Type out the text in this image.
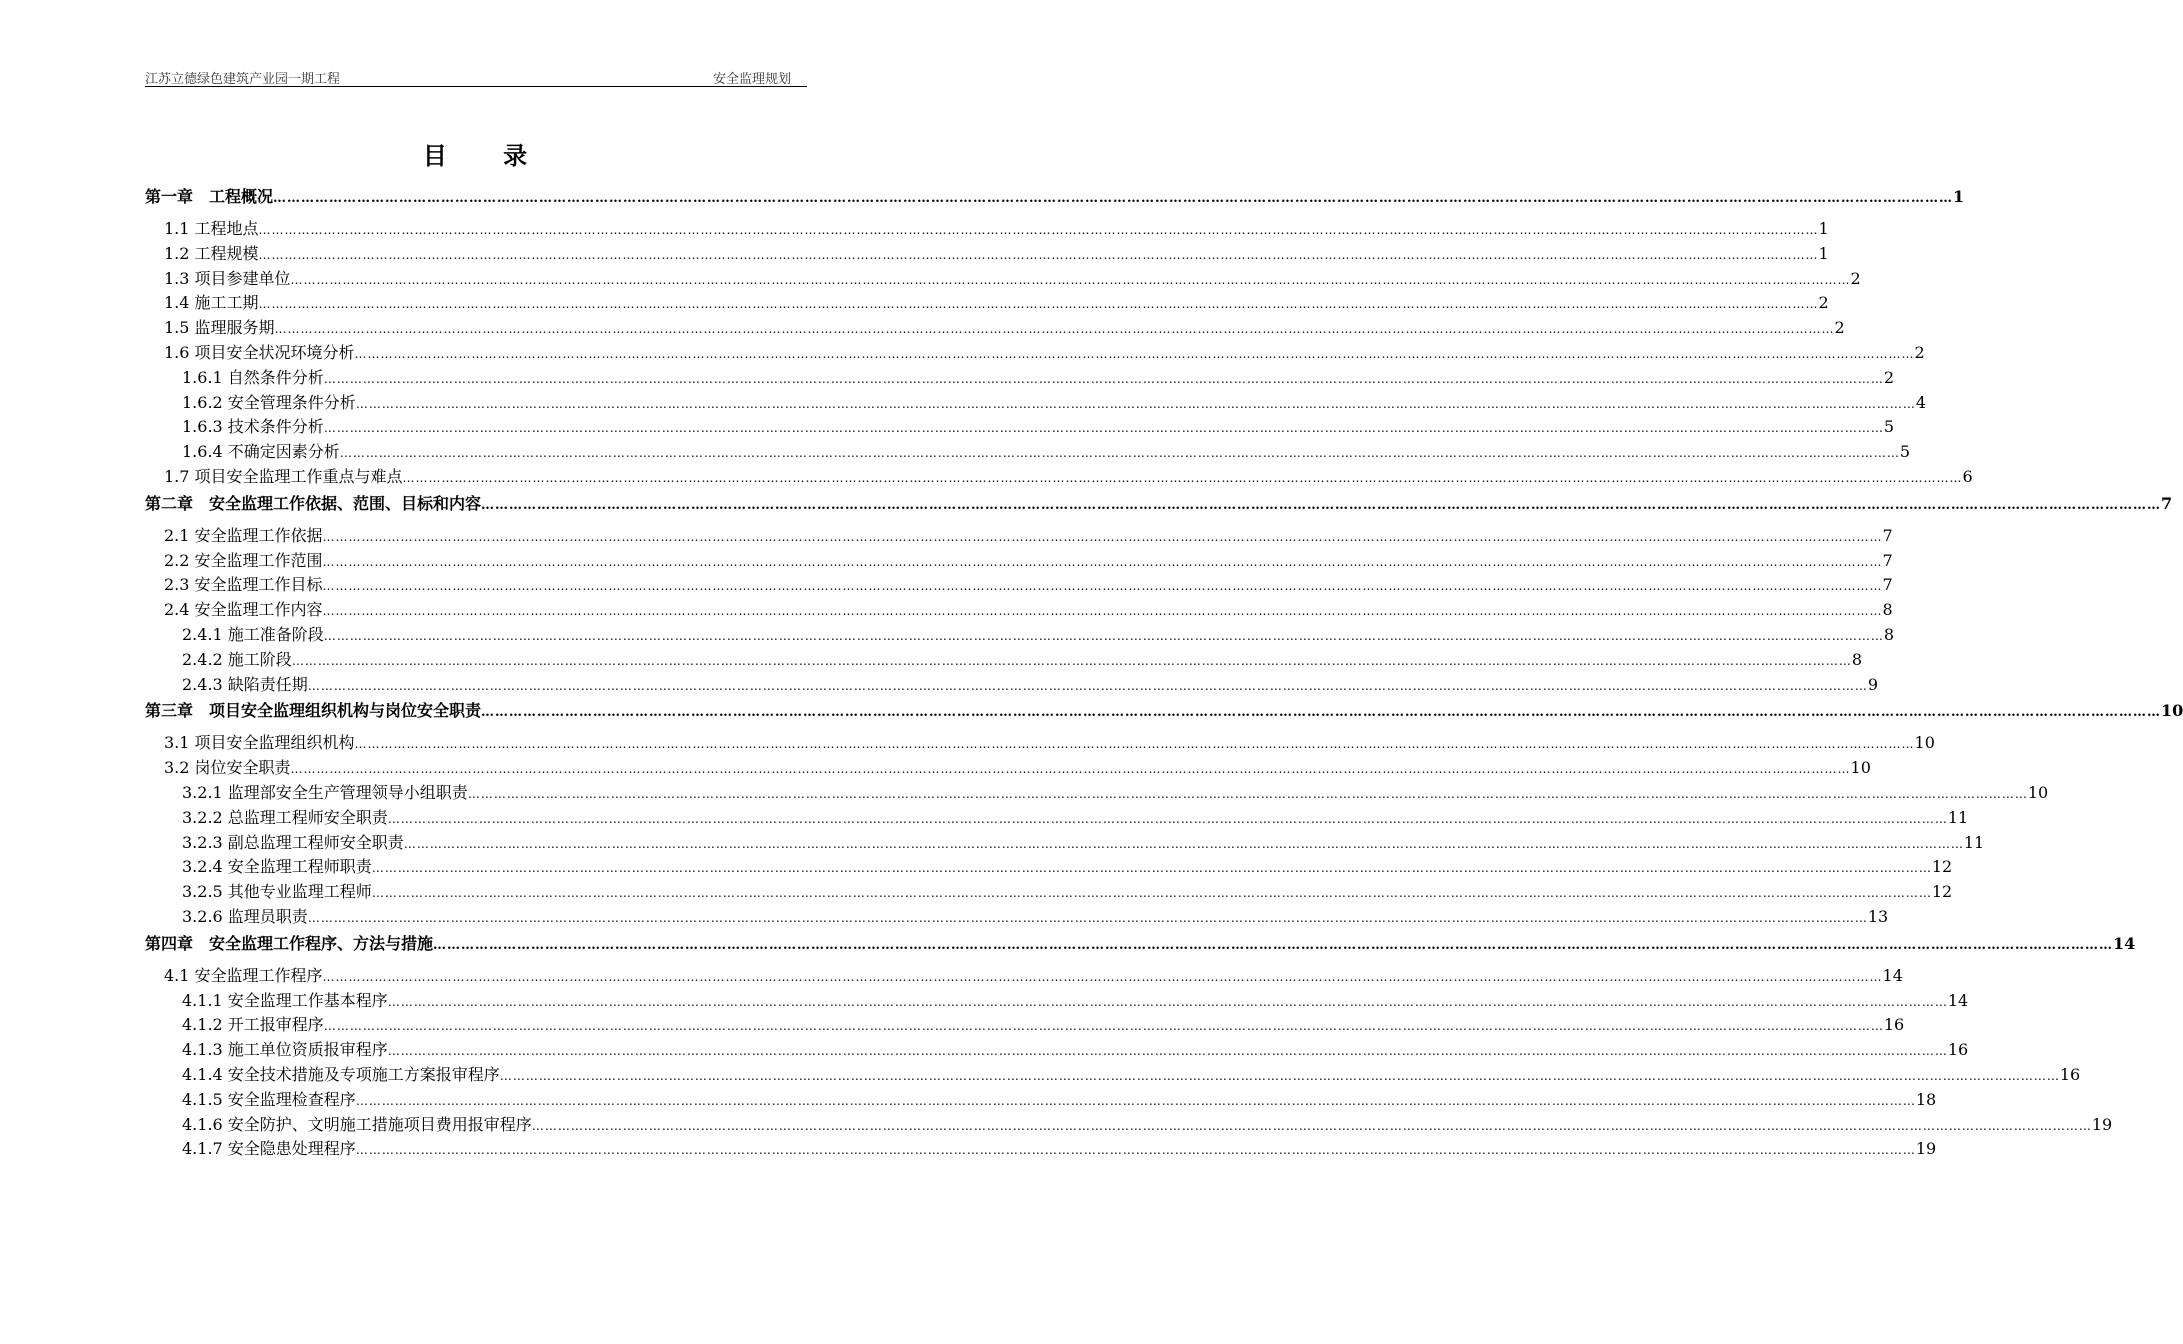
江苏立德绿色建筑产业园一期工程	安全监理规划
目 录
第一章　工程概况 ……………………………………………………………………………………………………………………………………………………………………………………………………………………………………………………………………………………………………………………………… 1
1.1 工程地点 ……………………………………………………………………………………………………………………………………………………………………………………………………………………………………………………………………………………………………………………………… 1
1.2 工程规模 ……………………………………………………………………………………………………………………………………………………………………………………………………………………………………………………………………………………………………………………………… 1
1.3 项目参建单位 ……………………………………………………………………………………………………………………………………………………………………………………………………………………………………………………………………………………………………………………………… 2
1.4 施工工期 ……………………………………………………………………………………………………………………………………………………………………………………………………………………………………………………………………………………………………………………………… 2
1.5 监理服务期 ……………………………………………………………………………………………………………………………………………………………………………………………………………………………………………………………………………………………………………………………… 2
1.6 项目安全状况环境分析 ……………………………………………………………………………………………………………………………………………………………………………………………………………………………………………………………………………………………………………………………… 2
1.6.1 自然条件分析 ……………………………………………………………………………………………………………………………………………………………………………………………………………………………………………………………………………………………………………………………… 2
1.6.2 安全管理条件分析 ……………………………………………………………………………………………………………………………………………………………………………………………………………………………………………………………………………………………………………………………… 4
1.6.3 技术条件分析 ……………………………………………………………………………………………………………………………………………………………………………………………………………………………………………………………………………………………………………………………… 5
1.6.4 不确定因素分析 ……………………………………………………………………………………………………………………………………………………………………………………………………………………………………………………………………………………………………………………………… 5
1.7 项目安全监理工作重点与难点 ……………………………………………………………………………………………………………………………………………………………………………………………………………………………………………………………………………………………………………………………… 6
第二章　安全监理工作依据、范围、目标和内容 ……………………………………………………………………………………………………………………………………………………………………………………………………………………………………………………………………………………………………………………………… 7
2.1 安全监理工作依据 ……………………………………………………………………………………………………………………………………………………………………………………………………………………………………………………………………………………………………………………………… 7
2.2 安全监理工作范围 ……………………………………………………………………………………………………………………………………………………………………………………………………………………………………………………………………………………………………………………………… 7
2.3 安全监理工作目标 ……………………………………………………………………………………………………………………………………………………………………………………………………………………………………………………………………………………………………………………………… 7
2.4 安全监理工作内容 ……………………………………………………………………………………………………………………………………………………………………………………………………………………………………………………………………………………………………………………………… 8
2.4.1 施工准备阶段 ……………………………………………………………………………………………………………………………………………………………………………………………………………………………………………………………………………………………………………………………… 8
2.4.2 施工阶段 ……………………………………………………………………………………………………………………………………………………………………………………………………………………………………………………………………………………………………………………………… 8
2.4.3 缺陷责任期 ……………………………………………………………………………………………………………………………………………………………………………………………………………………………………………………………………………………………………………………………… 9
第三章　项目安全监理组织机构与岗位安全职责 ……………………………………………………………………………………………………………………………………………………………………………………………………………………………………………………………………………………………………………………………… 10
3.1 项目安全监理组织机构 ……………………………………………………………………………………………………………………………………………………………………………………………………………………………………………………………………………………………………………………………… 10
3.2 岗位安全职责 ……………………………………………………………………………………………………………………………………………………………………………………………………………………………………………………………………………………………………………………………… 10
3.2.1 监理部安全生产管理领导小组职责 ……………………………………………………………………………………………………………………………………………………………………………………………………………………………………………………………………………………………………………………………… 10
3.2.2 总监理工程师安全职责 ……………………………………………………………………………………………………………………………………………………………………………………………………………………………………………………………………………………………………………………………… 11
3.2.3 副总监理工程师安全职责 ……………………………………………………………………………………………………………………………………………………………………………………………………………………………………………………………………………………………………………………………… 11
3.2.4 安全监理工程师职责 ……………………………………………………………………………………………………………………………………………………………………………………………………………………………………………………………………………………………………………………………… 12
3.2.5 其他专业监理工程师 ……………………………………………………………………………………………………………………………………………………………………………………………………………………………………………………………………………………………………………………………… 12
3.2.6 监理员职责 ……………………………………………………………………………………………………………………………………………………………………………………………………………………………………………………………………………………………………………………………… 13
第四章　安全监理工作程序、方法与措施 ……………………………………………………………………………………………………………………………………………………………………………………………………………………………………………………………………………………………………………………………… 14
4.1 安全监理工作程序 ……………………………………………………………………………………………………………………………………………………………………………………………………………………………………………………………………………………………………………………………… 14
4.1.1 安全监理工作基本程序 ……………………………………………………………………………………………………………………………………………………………………………………………………………………………………………………………………………………………………………………………… 14
4.1.2 开工报审程序 ……………………………………………………………………………………………………………………………………………………………………………………………………………………………………………………………………………………………………………………………… 16
4.1.3 施工单位资质报审程序 ……………………………………………………………………………………………………………………………………………………………………………………………………………………………………………………………………………………………………………………………… 16
4.1.4 安全技术措施及专项施工方案报审程序 ……………………………………………………………………………………………………………………………………………………………………………………………………………………………………………………………………………………………………………………………… 16
4.1.5 安全监理检查程序 ……………………………………………………………………………………………………………………………………………………………………………………………………………………………………………………………………………………………………………………………… 18
4.1.6 安全防护、文明施工措施项目费用报审程序 ……………………………………………………………………………………………………………………………………………………………………………………………………………………………………………………………………………………………………………………………… 19
4.1.7 安全隐患处理程序 ……………………………………………………………………………………………………………………………………………………………………………………………………………………………………………………………………………………………………………………………… 19
